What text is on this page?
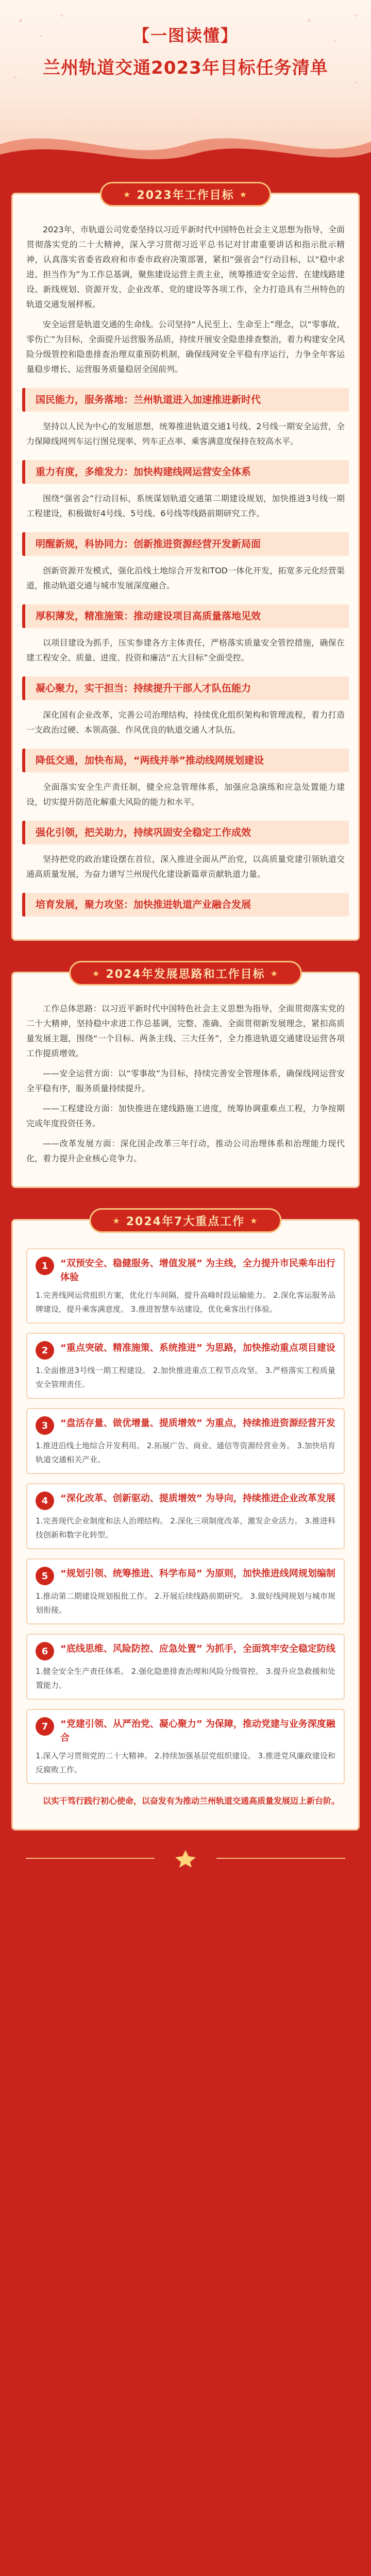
【一图读懂】
兰州轨道交通2023年目标任务清单
★ 2023年工作目标 ★

2023年，市轨道公司党委坚持以习近平新时代中国特色社会主义思想为指导，全面贯彻落实党的二十大精神，深入学习贯彻习近平总书记对甘肃重要讲话和指示批示精神，认真落实省委省政府和市委市政府决策部署，紧扣“强省会”行动目标，以“稳中求进、担当作为”为工作总基调，聚焦建设运营主责主业，统筹推进安全运营、在建线路建设、新线规划、资源开发、企业改革、党的建设等各项工作，全力打造具有兰州特色的轨道交通发展样板。

安全运营是轨道交通的生命线。公司坚持“人民至上、生命至上”理念，以“零事故、零伤亡”为目标，全面提升运营服务品质，持续开展安全隐患排查整治，着力构建安全风险分级管控和隐患排查治理双重预防机制，确保线网安全平稳有序运行，力争全年客运量稳步增长、运营服务质量稳居全国前列。

国民能力，服务落地：兰州轨道进入加速推进新时代

坚持以人民为中心的发展思想，统筹推进轨道交通1号线、2号线一期安全运营，全力保障线网列车运行图兑现率、列车正点率、乘客满意度保持在较高水平。

重力有度，多维发力：加快构建线网运营安全体系

围绕“强省会”行动目标，系统谋划轨道交通第二期建设规划，加快推进3号线一期工程建设，积极做好4号线、5号线、6号线等线路前期研究工作。

明醒新规，科协同力：创新推进资源经营开发新局面

创新资源开发模式，强化沿线土地综合开发和TOD一体化开发，拓宽多元化经营渠道，推动轨道交通与城市发展深度融合。

厚积薄发，精准施策：推动建设项目高质量落地见效

以项目建设为抓手，压实参建各方主体责任，严格落实质量安全管控措施，确保在建工程安全、质量、进度、投资和廉洁“五大目标”全面受控。

凝心聚力，实干担当：持续提升干部人才队伍能力

深化国有企业改革，完善公司治理结构，持续优化组织架构和管理流程，着力打造一支政治过硬、本领高强、作风优良的轨道交通人才队伍。

降低交通，加快布局，“两线并举”推动线网规划建设

全面落实安全生产责任制，健全应急管理体系，加强应急演练和应急处置能力建设，切实提升防范化解重大风险的能力和水平。

强化引领，把关助力，持续巩固安全稳定工作成效

坚持把党的政治建设摆在首位，深入推进全面从严治党，以高质量党建引领轨道交通高质量发展，为奋力谱写兰州现代化建设新篇章贡献轨道力量。

培育发展，聚力攻坚：加快推进轨道产业融合发展
★ 2024年发展思路和工作目标 ★

工作总体思路：以习近平新时代中国特色社会主义思想为指导，全面贯彻落实党的二十大精神，坚持稳中求进工作总基调，完整、准确、全面贯彻新发展理念，紧扣高质量发展主题，围绕“一个目标、两条主线、三大任务”，全力推进轨道交通建设运营各项工作提质增效。

——安全运营方面：以“零事故”为目标，持续完善安全管理体系，确保线网运营安全平稳有序，服务质量持续提升。

——工程建设方面：加快推进在建线路施工进度，统筹协调重难点工程，力争按期完成年度投资任务。

——改革发展方面：深化国企改革三年行动，推动公司治理体系和治理能力现代化，着力提升企业核心竞争力。

★ 2024年7大重点工作 ★
1	“双预安全、稳健服务、增值发展” 为主线，全力提升市民乘车出行体验

1.完善线网运营组织方案，优化行车间隔，提升高峰时段运输能力。 2.深化客运服务品牌建设，提升乘客满意度。 3.推进智慧车站建设，优化乘客出行体验。

2	“重点突破、精准施策、系统推进” 为思路，加快推动重点项目建设

1.全面推进3号线一期工程建设。 2.加快推进重点工程节点攻坚。 3.严格落实工程质量安全管理责任。

3	“盘活存量、做优增量、提质增效” 为重点，持续推进资源经营开发

1.推进沿线土地综合开发利用。 2.拓展广告、商业、通信等资源经营业务。 3.加快培育轨道交通相关产业。

4	“深化改革、创新驱动、提质增效” 为导向，持续推进企业改革发展

1.完善现代企业制度和法人治理结构。 2.深化三项制度改革，激发企业活力。 3.推进科技创新和数字化转型。

5	“规划引领、统筹推进、科学布局” 为原则，加快推进线网规划编制

1.推动第二期建设规划报批工作。 2.开展后续线路前期研究。 3.做好线网规划与城市规划衔接。

6	“底线思维、风险防控、应急处置” 为抓手，全面筑牢安全稳定防线

1.健全安全生产责任体系。 2.强化隐患排查治理和风险分级管控。 3.提升应急救援和处置能力。

7	“党建引领、从严治党、凝心聚力” 为保障，推动党建与业务深度融合

1.深入学习贯彻党的二十大精神。 2.持续加强基层党组织建设。 3.推进党风廉政建设和反腐败工作。

以实干笃行践行初心使命，以奋发有为推动兰州轨道交通高质量发展迈上新台阶。
